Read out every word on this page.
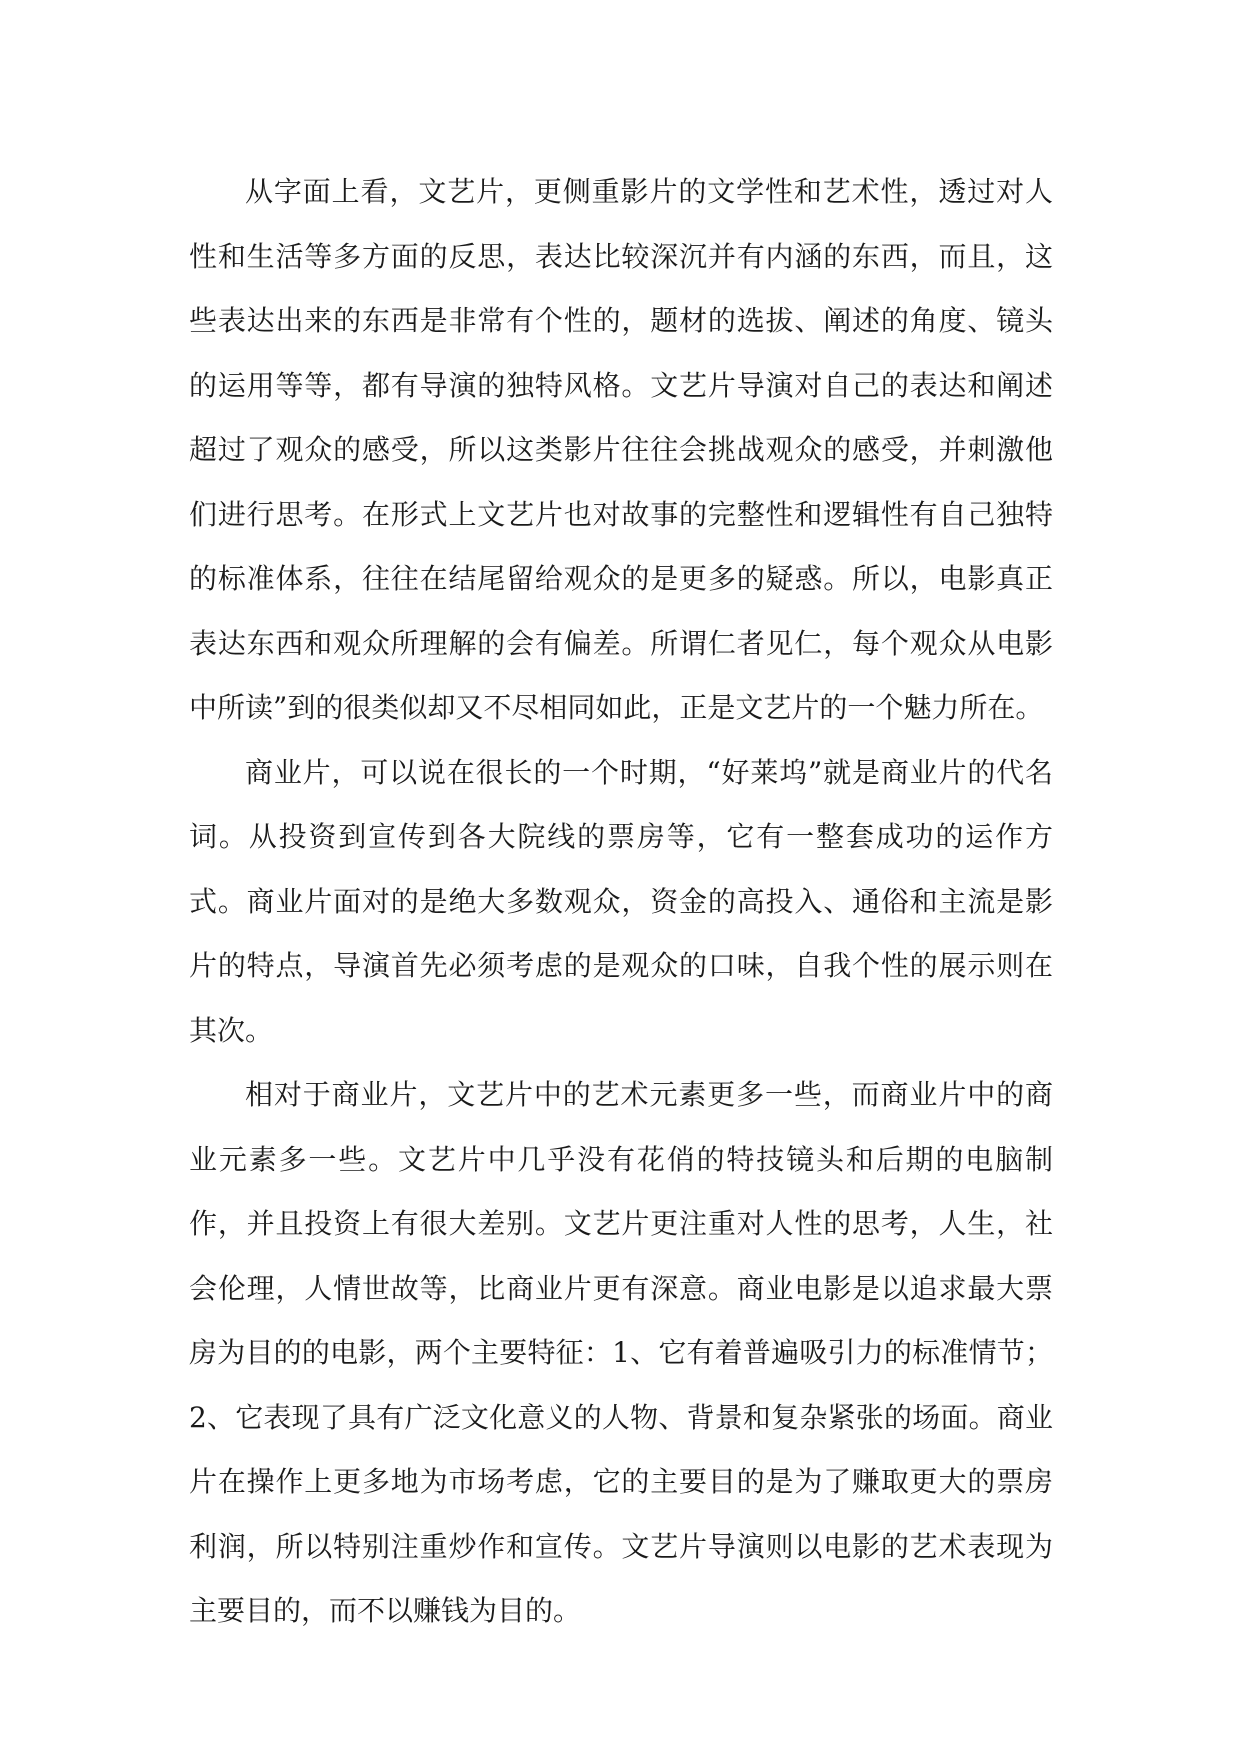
从字面上看，文艺片，更侧重影片的文学性和艺术性，透过对人性和生活等多方面的反思，表达比较深沉并有内涵的东西，而且，这些表达出来的东西是非常有个性的，题材的选拔、阐述的角度、镜头的运用等等，都有导演的独特风格。文艺片导演对自己的表达和阐述超过了观众的感受，所以这类影片往往会挑战观众的感受，并刺激他们进行思考。在形式上文艺片也对故事的完整性和逻辑性有自己独特的标准体系，往往在结尾留给观众的是更多的疑惑。所以，电影真正表达东西和观众所理解的会有偏差。所谓仁者见仁，每个观众从电影中所读”到的很类似却又不尽相同如此，正是文艺片的一个魅力所在。

商业片，可以说在很长的一个时期，“好莱坞”就是商业片的代名词。从投资到宣传到各大院线的票房等，它有一整套成功的运作方式。商业片面对的是绝大多数观众，资金的高投入、通俗和主流是影片的特点，导演首先必须考虑的是观众的口味，自我个性的展示则在其次。

相对于商业片，文艺片中的艺术元素更多一些，而商业片中的商业元素多一些。文艺片中几乎没有花俏的特技镜头和后期的电脑制作，并且投资上有很大差别。文艺片更注重对人性的思考，人生，社会伦理，人情世故等，比商业片更有深意。商业电影是以追求最大票房为目的的电影，两个主要特征：1、它有着普遍吸引力的标准情节；2、它表现了具有广泛文化意义的人物、背景和复杂紧张的场面。商业片在操作上更多地为市场考虑，它的主要目的是为了赚取更大的票房利润，所以特别注重炒作和宣传。文艺片导演则以电影的艺术表现为主要目的，而不以赚钱为目的。
